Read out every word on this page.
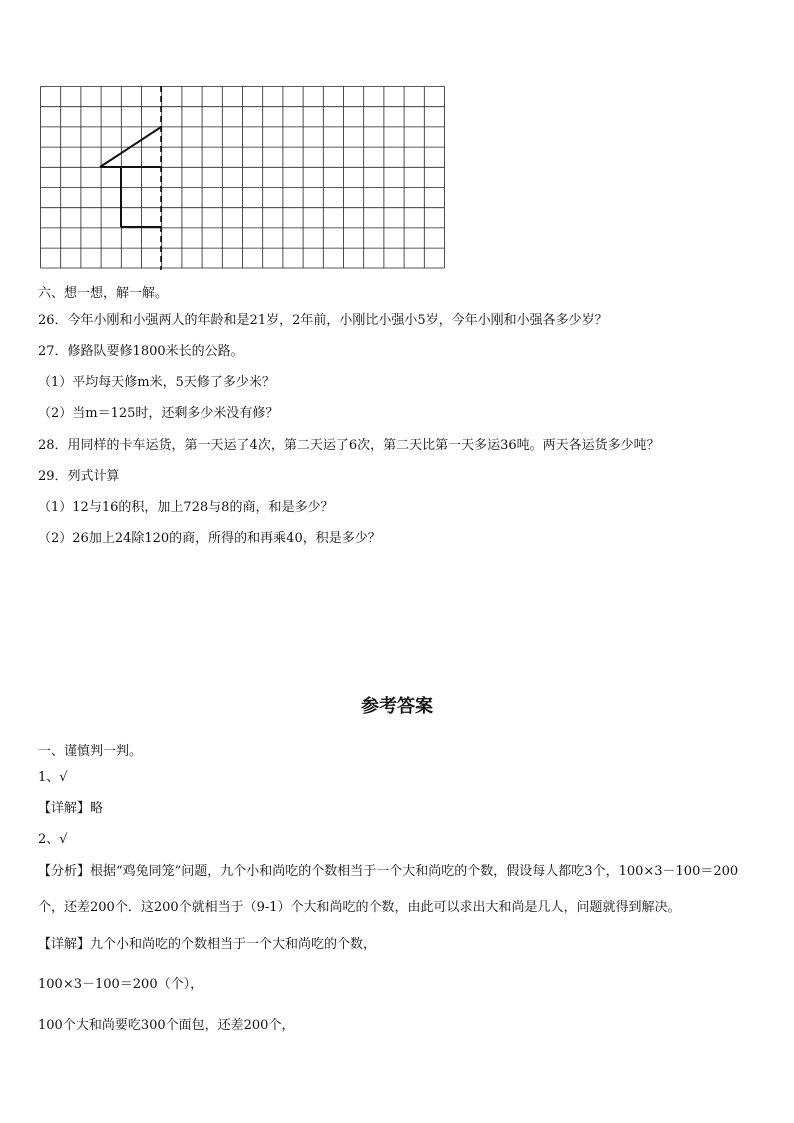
六、想一想，解一解。
26．今年小刚和小强两人的年龄和是21岁，2年前，小刚比小强小5岁，今年小刚和小强各多少岁？
27．修路队要修1800米长的公路。
（1）平均每天修m米，5天修了多少米？
（2）当m＝125时，还剩多少米没有修？
28．用同样的卡车运货，第一天运了4次，第二天运了6次，第二天比第一天多运36吨。两天各运货多少吨？
29．列式计算
（1）12与16的积，加上728与8的商，和是多少？
（2）26加上24除120的商，所得的和再乘40，积是多少？
参考答案
一、谨慎判一判。
1、√
【详解】略
2、√
【分析】根据“鸡兔同笼”问题，九个小和尚吃的个数相当于一个大和尚吃的个数，假设每人都吃3个，100×3－100＝200
个，还差200个．这200个就相当于（9-1）个大和尚吃的个数，由此可以求出大和尚是几人，问题就得到解决。
【详解】九个小和尚吃的个数相当于一个大和尚吃的个数，
100×3－100＝200（个），
100个大和尚要吃300个面包，还差200个，
